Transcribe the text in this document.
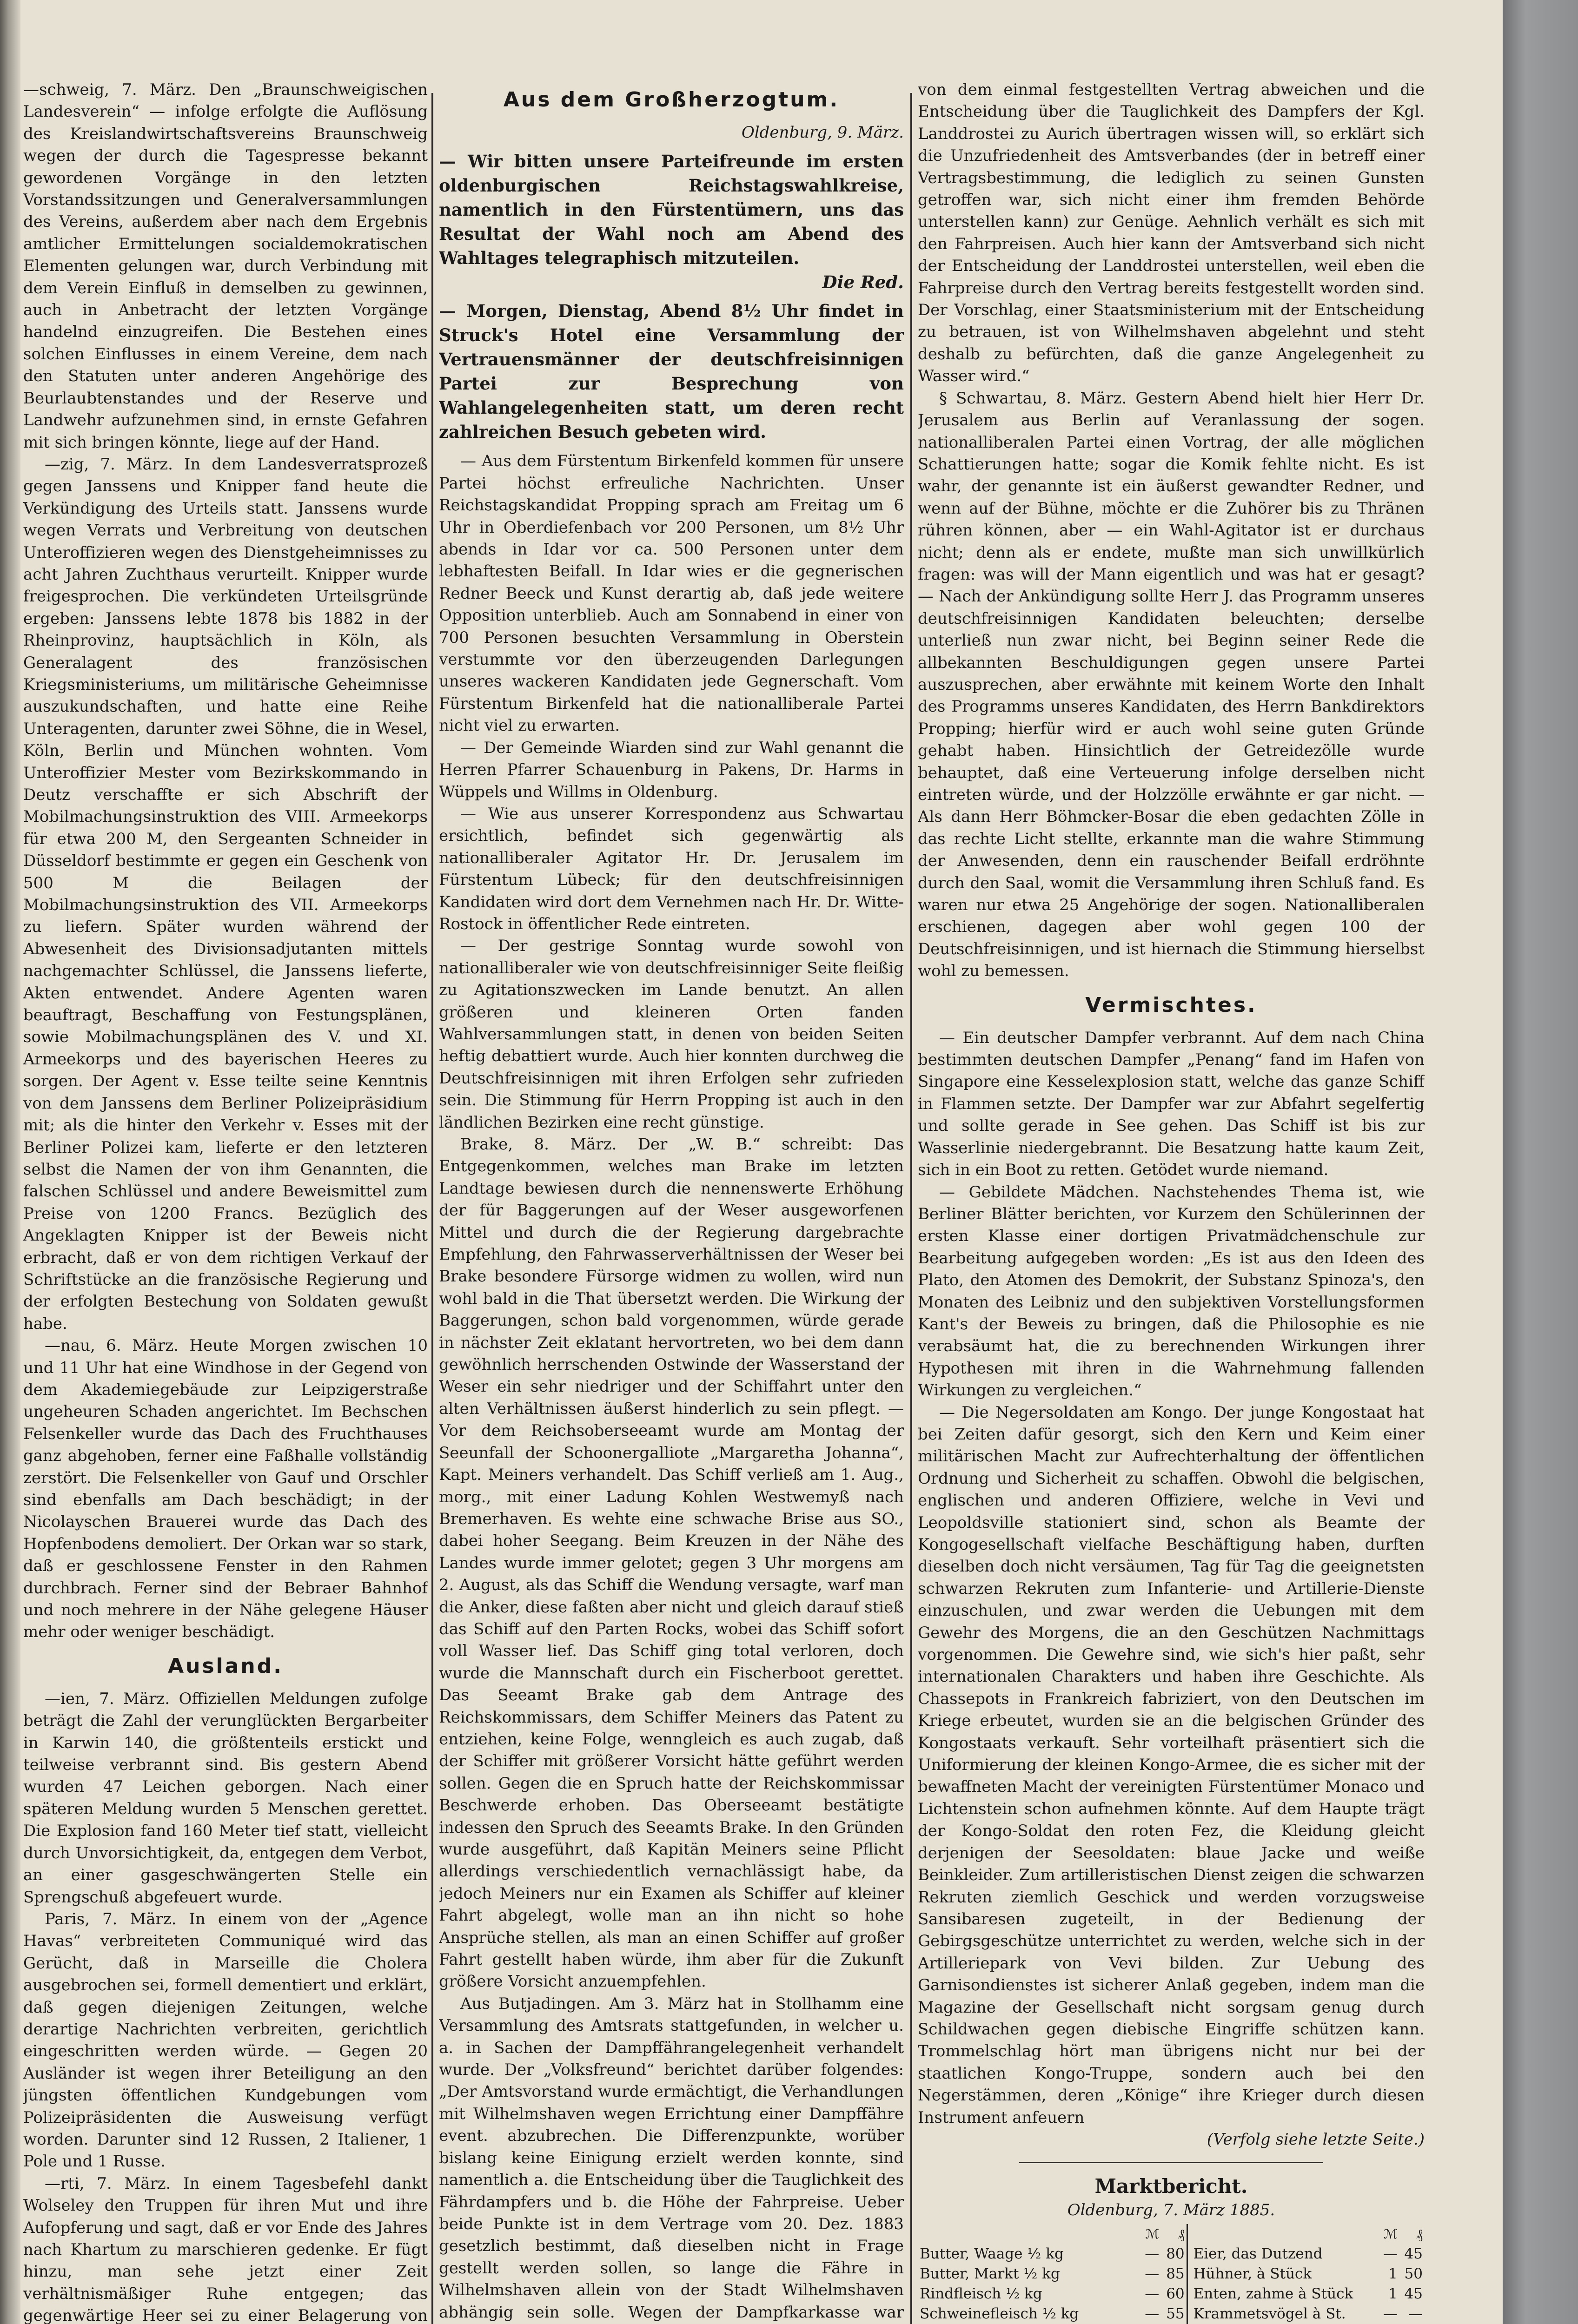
—schweig, 7. März. Den „Braunschweigischen Landesverein“ — infolge erfolgte die Auflösung des Kreislandwirtschaftsvereins Braunschweig wegen der durch die Tagespresse bekannt gewordenen Vorgänge in den letzten Vorstandssitzungen und Generalversammlungen des Vereins, außerdem aber nach dem Ergebnis amtlicher Ermittelungen socialdemokratischen Elementen gelungen war, durch Verbindung mit dem Verein Einfluß in demselben zu gewinnen, auch in Anbetracht der letzten Vorgänge handelnd einzugreifen. Die Bestehen eines solchen Einflusses in einem Vereine, dem nach den Statuten unter anderen Angehörige des Beurlaubtenstandes und der Reserve und Landwehr aufzunehmen sind, in ernste Gefahren mit sich bringen könnte, liege auf der Hand.

—zig, 7. März. In dem Landesverratsprozeß gegen Janssens und Knipper fand heute die Verkündigung des Urteils statt. Janssens wurde wegen Verrats und Verbreitung von deutschen Unteroffizieren wegen des Dienstgeheimnisses zu acht Jahren Zuchthaus verurteilt. Knipper wurde freigesprochen. Die verkündeten Urteilsgründe ergeben: Janssens lebte 1878 bis 1882 in der Rheinprovinz, hauptsächlich in Köln, als Generalagent des französischen Kriegsministeriums, um militärische Geheimnisse auszukundschaften, und hatte eine Reihe Unteragenten, darunter zwei Söhne, die in Wesel, Köln, Berlin und München wohnten. Vom Unteroffizier Mester vom Bezirkskommando in Deutz verschaffte er sich Abschrift der Mobilmachungsinstruktion des VIII. Armeekorps für etwa 200 M, den Sergeanten Schneider in Düsseldorf bestimmte er gegen ein Geschenk von 500 M die Beilagen der Mobilmachungsinstruktion des VII. Armeekorps zu liefern. Später wurden während der Abwesenheit des Divisionsadjutanten mittels nachgemachter Schlüssel, die Janssens lieferte, Akten entwendet. Andere Agenten waren beauftragt, Beschaffung von Festungsplänen, sowie Mobilmachungsplänen des V. und XI. Armeekorps und des bayerischen Heeres zu sorgen. Der Agent v. Esse teilte seine Kenntnis von dem Janssens dem Berliner Polizeipräsidium mit; als die hinter den Verkehr v. Esses mit der Berliner Polizei kam, lieferte er den letzteren selbst die Namen der von ihm Genannten, die falschen Schlüssel und andere Beweismittel zum Preise von 1200 Francs. Bezüglich des Angeklagten Knipper ist der Beweis nicht erbracht, daß er von dem richtigen Verkauf der Schriftstücke an die französische Regierung und der erfolgten Bestechung von Soldaten gewußt habe.

—nau, 6. März. Heute Morgen zwischen 10 und 11 Uhr hat eine Windhose in der Gegend von dem Akademiegebäude zur Leipzigerstraße ungeheuren Schaden angerichtet. Im Bechschen Felsenkeller wurde das Dach des Fruchthauses ganz abgehoben, ferner eine Faßhalle vollständig zerstört. Die Felsenkeller von Gauf und Orschler sind ebenfalls am Dach beschädigt; in der Nicolayschen Brauerei wurde das Dach des Hopfenbodens demoliert. Der Orkan war so stark, daß er geschlossene Fenster in den Rahmen durchbrach. Ferner sind der Bebraer Bahnhof und noch mehrere in der Nähe gelegene Häuser mehr oder weniger beschädigt.

Ausland.

—ien, 7. März. Offiziellen Meldungen zufolge beträgt die Zahl der verunglückten Bergarbeiter in Karwin 140, die größtenteils erstickt und teilweise verbrannt sind. Bis gestern Abend wurden 47 Leichen geborgen. Nach einer späteren Meldung wurden 5 Menschen gerettet. Die Explosion fand 160 Meter tief statt, vielleicht durch Unvorsichtigkeit, da, entgegen dem Verbot, an einer gasgeschwängerten Stelle ein Sprengschuß abgefeuert wurde.

Paris, 7. März. In einem von der „Agence Havas“ verbreiteten Communiqué wird das Gerücht, daß in Marseille die Cholera ausgebrochen sei, formell dementiert und erklärt, daß gegen diejenigen Zeitungen, welche derartige Nachrichten verbreiten, gerichtlich eingeschritten werden würde. — Gegen 20 Ausländer ist wegen ihrer Beteiligung an den jüngsten öffentlichen Kundgebungen vom Polizeipräsidenten die Ausweisung verfügt worden. Darunter sind 12 Russen, 2 Italiener, 1 Pole und 1 Russe.

—rti, 7. März. In einem Tagesbefehl dankt Wolseley den Truppen für ihren Mut und ihre Aufopferung und sagt, daß er vor Ende des Jahres nach Khartum zu marschieren gedenke. Er fügt hinzu, man sehe jetzt einer Zeit verhältnismäßiger Ruhe entgegen; das gegenwärtige Heer sei zu einer Belagerung von

Aus dem Großherzogtum.
Oldenburg, 9. März.
— Wir bitten unsere Parteifreunde im ersten oldenburgischen Reichstagswahlkreise, namentlich in den Fürstentümern, uns das Resultat der Wahl noch am Abend des Wahltages telegraphisch mitzuteilen.
Die Red.
— Morgen, Dienstag, Abend 8½ Uhr findet in Struck's Hotel eine Versammlung der Vertrauensmänner der deutschfreisinnigen Partei zur Besprechung von Wahlangelegenheiten statt, um deren recht zahlreichen Besuch gebeten wird.

— Aus dem Fürstentum Birkenfeld kommen für unsere Partei höchst erfreuliche Nachrichten. Unser Reichstagskandidat Propping sprach am Freitag um 6 Uhr in Oberdiefenbach vor 200 Personen, um 8½ Uhr abends in Idar vor ca. 500 Personen unter dem lebhaftesten Beifall. In Idar wies er die gegnerischen Redner Beeck und Kunst derartig ab, daß jede weitere Opposition unterblieb. Auch am Sonnabend in einer von 700 Personen besuchten Versammlung in Oberstein verstummte vor den überzeugenden Darlegungen unseres wackeren Kandidaten jede Gegnerschaft. Vom Fürstentum Birkenfeld hat die nationalliberale Partei nicht viel zu erwarten.

— Der Gemeinde Wiarden sind zur Wahl genannt die Herren Pfarrer Schauenburg in Pakens, Dr. Harms in Wüppels und Willms in Oldenburg.

— Wie aus unserer Korrespondenz aus Schwartau ersichtlich, befindet sich gegenwärtig als nationalliberaler Agitator Hr. Dr. Jerusalem im Fürstentum Lübeck; für den deutschfreisinnigen Kandidaten wird dort dem Vernehmen nach Hr. Dr. Witte-Rostock in öffentlicher Rede eintreten.

— Der gestrige Sonntag wurde sowohl von nationalliberaler wie von deutschfreisinniger Seite fleißig zu Agitationszwecken im Lande benutzt. An allen größeren und kleineren Orten fanden Wahlversammlungen statt, in denen von beiden Seiten heftig debattiert wurde. Auch hier konnten durchweg die Deutschfreisinnigen mit ihren Erfolgen sehr zufrieden sein. Die Stimmung für Herrn Propping ist auch in den ländlichen Bezirken eine recht günstige.

Brake, 8. März. Der „W. B.“ schreibt: Das Entgegenkommen, welches man Brake im letzten Landtage bewiesen durch die nennenswerte Erhöhung der für Baggerungen auf der Weser ausgeworfenen Mittel und durch die der Regierung dargebrachte Empfehlung, den Fahrwasserverhältnissen der Weser bei Brake besondere Fürsorge widmen zu wollen, wird nun wohl bald in die That übersetzt werden. Die Wirkung der Baggerungen, schon bald vorgenommen, würde gerade in nächster Zeit eklatant hervortreten, wo bei dem dann gewöhnlich herrschenden Ostwinde der Wasserstand der Weser ein sehr niedriger und der Schiffahrt unter den alten Verhältnissen äußerst hinderlich zu sein pflegt. — Vor dem Reichsoberseeamt wurde am Montag der Seeunfall der Schoonergalliote „Margaretha Johanna“, Kapt. Meiners verhandelt. Das Schiff verließ am 1. Aug., morg., mit einer Ladung Kohlen Westwemyß nach Bremerhaven. Es wehte eine schwache Brise aus SO., dabei hoher Seegang. Beim Kreuzen in der Nähe des Landes wurde immer gelotet; gegen 3 Uhr morgens am 2. August, als das Schiff die Wendung versagte, warf man die Anker, diese faßten aber nicht und gleich darauf stieß das Schiff auf den Parten Rocks, wobei das Schiff sofort voll Wasser lief. Das Schiff ging total verloren, doch wurde die Mannschaft durch ein Fischerboot gerettet. Das Seeamt Brake gab dem Antrage des Reichskommissars, dem Schiffer Meiners das Patent zu entziehen, keine Folge, wenngleich es auch zugab, daß der Schiffer mit größerer Vorsicht hätte geführt werden sollen. Gegen die en Spruch hatte der Reichskommissar Beschwerde erhoben. Das Oberseeamt bestätigte indessen den Spruch des Seeamts Brake. In den Gründen wurde ausgeführt, daß Kapitän Meiners seine Pflicht allerdings verschiedentlich vernachlässigt habe, da jedoch Meiners nur ein Examen als Schiffer auf kleiner Fahrt abgelegt, wolle man an ihn nicht so hohe Ansprüche stellen, als man an einen Schiffer auf großer Fahrt gestellt haben würde, ihm aber für die Zukunft größere Vorsicht anzuempfehlen.

Aus Butjadingen. Am 3. März hat in Stollhamm eine Versammlung des Amtsrats stattgefunden, in welcher u. a. in Sachen der Dampffährangelegenheit verhandelt wurde. Der „Volksfreund“ berichtet darüber folgendes: „Der Amtsvorstand wurde ermächtigt, die Verhandlungen mit Wilhelmshaven wegen Errichtung einer Dampffähre event. abzubrechen. Die Differenzpunkte, worüber bislang keine Einigung erzielt werden konnte, sind namentlich a. die Entscheidung über die Tauglichkeit des Fährdampfers und b. die Höhe der Fahrpreise. Ueber beide Punkte ist in dem Vertrage vom 20. Dez. 1883 gesetzlich bestimmt, daß dieselben nicht in Frage gestellt werden sollen, so lange die Fähre in Wilhelmshaven allein von der Stadt Wilhelmshaven abhängig sein solle. Wegen der Dampfkarkasse war

von dem einmal festgestellten Vertrag abweichen und die Entscheidung über die Tauglichkeit des Dampfers der Kgl. Landdrostei zu Aurich übertragen wissen will, so erklärt sich die Unzufriedenheit des Amtsverbandes (der in betreff einer Vertragsbestimmung, die lediglich zu seinen Gunsten getroffen war, sich nicht einer ihm fremden Behörde unterstellen kann) zur Genüge. Aehnlich verhält es sich mit den Fahrpreisen. Auch hier kann der Amtsverband sich nicht der Entscheidung der Landdrostei unterstellen, weil eben die Fahrpreise durch den Vertrag bereits festgestellt worden sind. Der Vorschlag, einer Staatsministerium mit der Entscheidung zu betrauen, ist von Wilhelmshaven abgelehnt und steht deshalb zu befürchten, daß die ganze Angelegenheit zu Wasser wird.“

§ Schwartau, 8. März. Gestern Abend hielt hier Herr Dr. Jerusalem aus Berlin auf Veranlassung der sogen. nationalliberalen Partei einen Vortrag, der alle möglichen Schattierungen hatte; sogar die Komik fehlte nicht. Es ist wahr, der genannte ist ein äußerst gewandter Redner, und wenn auf der Bühne, möchte er die Zuhörer bis zu Thränen rühren können, aber — ein Wahl-Agitator ist er durchaus nicht; denn als er endete, mußte man sich unwillkürlich fragen: was will der Mann eigentlich und was hat er gesagt? — Nach der Ankündigung sollte Herr J. das Programm unseres deutschfreisinnigen Kandidaten beleuchten; derselbe unterließ nun zwar nicht, bei Beginn seiner Rede die allbekannten Beschuldigungen gegen unsere Partei auszusprechen, aber erwähnte mit keinem Worte den Inhalt des Programms unseres Kandidaten, des Herrn Bankdirektors Propping; hierfür wird er auch wohl seine guten Gründe gehabt haben. Hinsichtlich der Getreidezölle wurde behauptet, daß eine Verteuerung infolge derselben nicht eintreten würde, und der Holzzölle erwähnte er gar nicht. — Als dann Herr Böhmcker-Bosar die eben gedachten Zölle in das rechte Licht stellte, erkannte man die wahre Stimmung der Anwesenden, denn ein rauschender Beifall erdröhnte durch den Saal, womit die Versammlung ihren Schluß fand. Es waren nur etwa 25 Angehörige der sogen. Nationalliberalen erschienen, dagegen aber wohl gegen 100 der Deutschfreisinnigen, und ist hiernach die Stimmung hierselbst wohl zu bemessen.

Vermischtes.

— Ein deutscher Dampfer verbrannt. Auf dem nach China bestimmten deutschen Dampfer „Penang“ fand im Hafen von Singapore eine Kesselexplosion statt, welche das ganze Schiff in Flammen setzte. Der Dampfer war zur Abfahrt segelfertig und sollte gerade in See gehen. Das Schiff ist bis zur Wasserlinie niedergebrannt. Die Besatzung hatte kaum Zeit, sich in ein Boot zu retten. Getödet wurde niemand.

— Gebildete Mädchen. Nachstehendes Thema ist, wie Berliner Blätter berichten, vor Kurzem den Schülerinnen der ersten Klasse einer dortigen Privatmädchenschule zur Bearbeitung aufgegeben worden: „Es ist aus den Ideen des Plato, den Atomen des Demokrit, der Substanz Spinoza's, den Monaten des Leibniz und den subjektiven Vorstellungsformen Kant's der Beweis zu bringen, daß die Philosophie es nie verabsäumt hat, die zu berechnenden Wirkungen ihrer Hypothesen mit ihren in die Wahrnehmung fallenden Wirkungen zu vergleichen.“

— Die Negersoldaten am Kongo. Der junge Kongostaat hat bei Zeiten dafür gesorgt, sich den Kern und Keim einer militärischen Macht zur Aufrechterhaltung der öffentlichen Ordnung und Sicherheit zu schaffen. Obwohl die belgischen, englischen und anderen Offiziere, welche in Vevi und Leopoldsville stationiert sind, schon als Beamte der Kongogesellschaft vielfache Beschäftigung haben, durften dieselben doch nicht versäumen, Tag für Tag die geeignetsten schwarzen Rekruten zum Infanterie- und Artillerie-Dienste einzuschulen, und zwar werden die Uebungen mit dem Gewehr des Morgens, die an den Geschützen Nachmittags vorgenommen. Die Gewehre sind, wie sich's hier paßt, sehr internationalen Charakters und haben ihre Geschichte. Als Chassepots in Frankreich fabriziert, von den Deutschen im Kriege erbeutet, wurden sie an die belgischen Gründer des Kongostaats verkauft. Sehr vorteilhaft präsentiert sich die Uniformierung der kleinen Kongo-Armee, die es sicher mit der bewaffneten Macht der vereinigten Fürstentümer Monaco und Lichtenstein schon aufnehmen könnte. Auf dem Haupte trägt der Kongo-Soldat den roten Fez, die Kleidung gleicht derjenigen der Seesoldaten: blaue Jacke und weiße Beinkleider. Zum artilleristischen Dienst zeigen die schwarzen Rekruten ziemlich Geschick und werden vorzugsweise Sansibaresen zugeteilt, in der Bedienung der Gebirgsgeschütze unterrichtet zu werden, welche sich in der Artilleriepark von Vevi bilden. Zur Uebung des Garnisondienstes ist sicherer Anlaß gegeben, indem man die Magazine der Gesellschaft nicht sorgsam genug durch Schildwachen gegen diebische Eingriffe schützen kann. Trommelschlag hört man übrigens nicht nur bei der staatlichen Kongo-Truppe, sondern auch bei den Negerstämmen, deren „Könige“ ihre Krieger durch diesen Instrument anfeuern

(Verfolg siehe letzte Seite.)
Marktbericht.
Oldenburg, 7. März 1885.
	ℳ	₰		ℳ	₰
Butter, Waage ½ kg	—	80	Eier, das Dutzend	—	45
Butter, Markt ½ kg	—	85	Hühner, à Stück	1	50
Rindfleisch ½ kg	—	60	Enten, zahme à Stück	1	45
Schweinefleisch ½ kg	—	55	Krammetsvögel à St.	—	—
